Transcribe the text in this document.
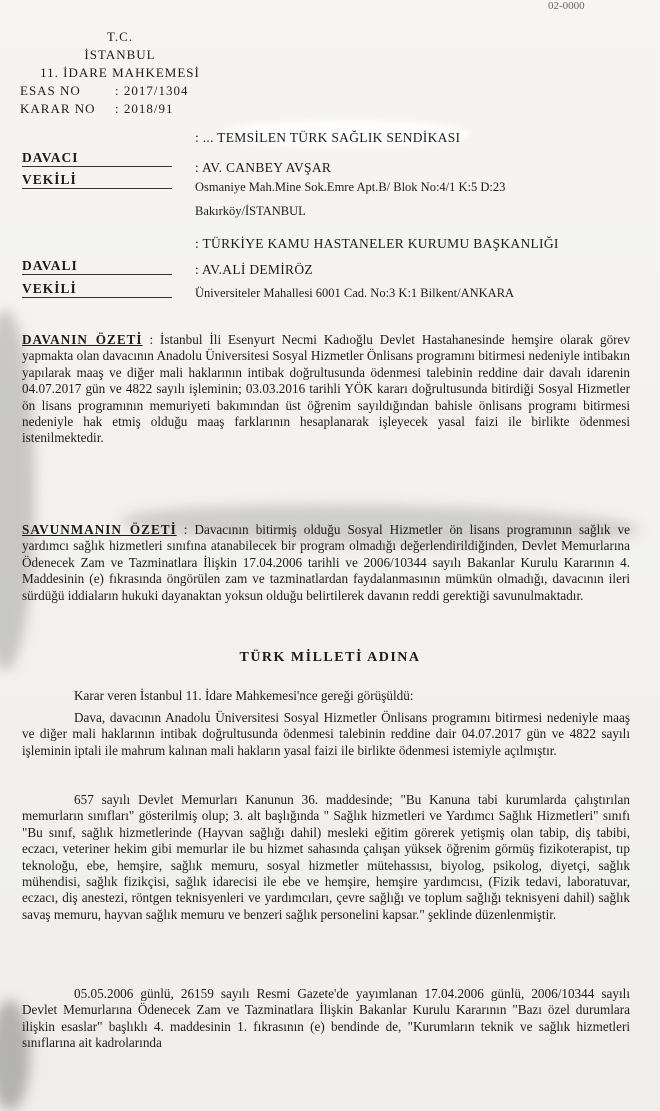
02-0000
T.C.
İSTANBUL
11. İDARE MAHKEMESİ
ESAS NO	: 2017/1304
KARAR NO	: 2018/91
DAVACI
: ... TEMSİLEN TÜRK SAĞLIK SENDİKASI
VEKİLİ
: AV. CANBEY AVŞAR
Osmaniye Mah.Mine Sok.Emre Apt.B/ Blok No:4/1 K:5 D:23
Bakırköy/İSTANBUL
DAVALI
: TÜRKİYE KAMU HASTANELER KURUMU BAŞKANLIĞI
VEKİLİ
: AV.ALİ DEMİRÖZ
Üniversiteler Mahallesi 6001 Cad. No:3 K:1 Bilkent/ANKARA
DAVANIN ÖZETİ : İstanbul İli Esenyurt Necmi Kadıoğlu Devlet Hastahanesinde hemşire olarak görev yapmakta olan davacının Anadolu Üniversitesi Sosyal Hizmetler Önlisans programını bitirmesi nedeniyle intibakın yapılarak maaş ve diğer mali haklarının intibak doğrultusunda ödenmesi talebinin reddine dair davalı idarenin 04.07.2017 gün ve 4822 sayılı işleminin; 03.03.2016 tarihli YÖK kararı doğrultusunda bitirdiği Sosyal Hizmetler ön lisans programının memuriyeti bakımından üst öğrenim sayıldığından bahisle önlisans programı bitirmesi nedeniyle hak etmiş olduğu maaş farklarının hesaplanarak işleyecek yasal faizi ile birlikte ödenmesi istenilmektedir.
SAVUNMANIN ÖZETİ : Davacının bitirmiş olduğu Sosyal Hizmetler ön lisans programının sağlık ve yardımcı sağlık hizmetleri sınıfına atanabilecek bir program olmadığı değerlendirildiğinden, Devlet Memurlarına Ödenecek Zam ve Tazminatlara İlişkin 17.04.2006 tarihli ve 2006/10344 sayılı Bakanlar Kurulu Kararının 4. Maddesinin (e) fıkrasında öngörülen zam ve tazminatlardan faydalanmasının mümkün olmadığı, davacının ileri sürdüğü iddiaların hukuki dayanaktan yoksun olduğu belirtilerek davanın reddi gerektiği savunulmaktadır.
TÜRK MİLLETİ ADINA
Karar veren İstanbul 11. İdare Mahkemesi'nce gereği görüşüldü:
Dava, davacının Anadolu Üniversitesi Sosyal Hizmetler Önlisans programını bitirmesi nedeniyle maaş ve diğer mali haklarının intibak doğrultusunda ödenmesi talebinin reddine dair 04.07.2017 gün ve 4822 sayılı işleminin iptali ile mahrum kalınan mali hakların yasal faizi ile birlikte ödenmesi istemiyle açılmıştır.
657 sayılı Devlet Memurları Kanunun 36. maddesinde; "Bu Kanuna tabi kurumlarda çalıştırılan memurların sınıfları" gösterilmiş olup; 3. alt başlığında " Sağlık hizmetleri ve Yardımcı Sağlık Hizmetleri" sınıfı "Bu sınıf, sağlık hizmetlerinde (Hayvan sağlığı dahil) mesleki eğitim görerek yetişmiş olan tabip, diş tabibi, eczacı, veteriner hekim gibi memurlar ile bu hizmet sahasında çalışan yüksek öğrenim görmüş fizikoterapist, tıp teknoloğu, ebe, hemşire, sağlık memuru, sosyal hizmetler mütehassısı, biyolog, psikolog, diyetçi, sağlık mühendisi, sağlık fizikçisi, sağlık idarecisi ile ebe ve hemşire, hemşire yardımcısı, (Fizik tedavi, laboratuvar, eczacı, diş anestezi, röntgen teknisyenleri ve yardımcıları, çevre sağlığı ve toplum sağlığı teknisyeni dahil) sağlık savaş memuru, hayvan sağlık memuru ve benzeri sağlık personelini kapsar." şeklinde düzenlenmiştir.
05.05.2006 günlü, 26159 sayılı Resmi Gazete'de yayımlanan 17.04.2006 günlü, 2006/10344 sayılı Devlet Memurlarına Ödenecek Zam ve Tazminatlara İlişkin Bakanlar Kurulu Kararının "Bazı özel durumlara ilişkin esaslar" başlıklı 4. maddesinin 1. fıkrasının (e) bendinde de, "Kurumların teknik ve sağlık hizmetleri sınıflarına ait kadrolarında
